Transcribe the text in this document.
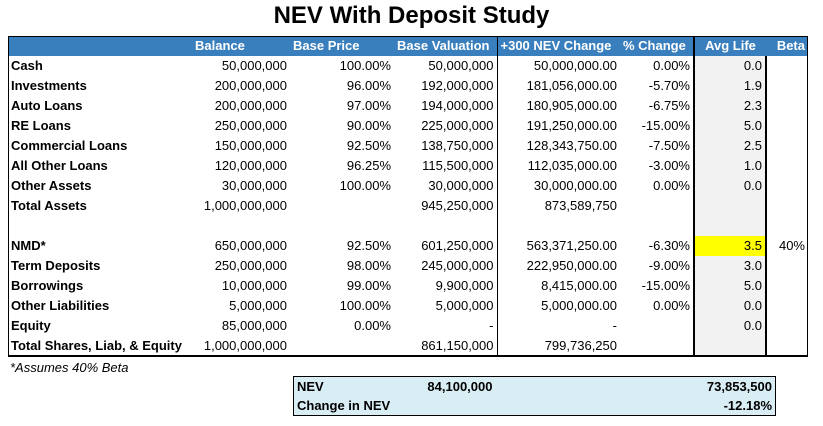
NEV With Deposit Study
	Balance	Base Price	Base Valuation	+300 NEV Change	% Change	Avg Life	Beta
Cash	50,000,000	100.00%	50,000,000	50,000,000.00	0.00%	0.0	
Investments	200,000,000	96.00%	192,000,000	181,056,000.00	-5.70%	1.9	
Auto Loans	200,000,000	97.00%	194,000,000	180,905,000.00	-6.75%	2.3	
RE Loans	250,000,000	90.00%	225,000,000	191,250,000.00	-15.00%	5.0	
Commercial Loans	150,000,000	92.50%	138,750,000	128,343,750.00	-7.50%	2.5	
All Other Loans	120,000,000	96.25%	115,500,000	112,035,000.00	-3.00%	1.0	
Other Assets	30,000,000	100.00%	30,000,000	30,000,000.00	0.00%	0.0	
Total Assets	1,000,000,000		945,250,000	873,589,750			

NMD*	650,000,000	92.50%	601,250,000	563,371,250.00	-6.30%	3.5	40%
Term Deposits	250,000,000	98.00%	245,000,000	222,950,000.00	-9.00%	3.0	
Borrowings	10,000,000	99.00%	9,900,000	8,415,000.00	-15.00%	5.0	
Other Liabilities	5,000,000	100.00%	5,000,000	5,000,000.00	0.00%	0.0	
Equity	85,000,000	0.00%	-	-		0.0	
Total Shares, Liab, & Equity	1,000,000,000		861,150,000	799,736,250			
*Assumes 40% Beta
NEV	84,100,000	73,853,500
Change in NEV		-12.18%
